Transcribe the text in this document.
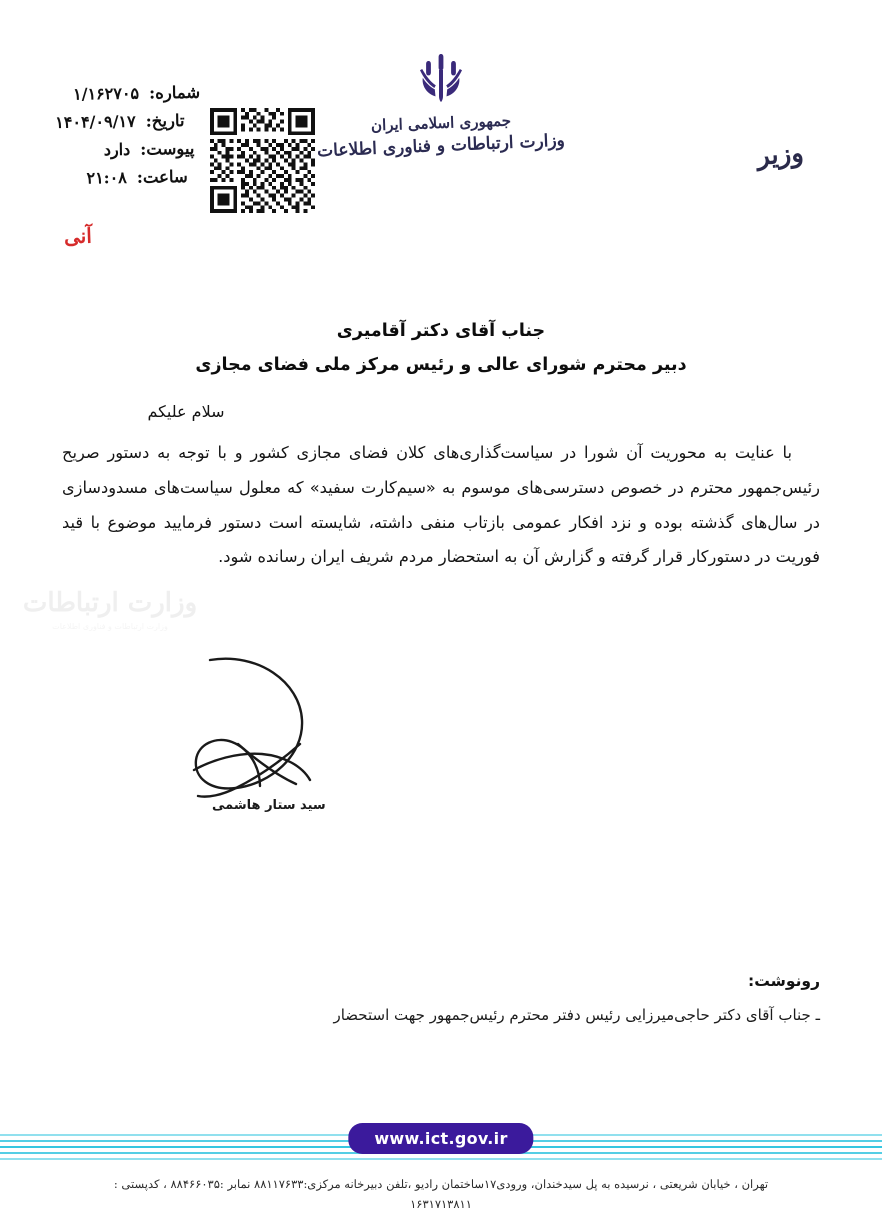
شماره:
۱/۱۶۲۷۰۵
تاریخ:
۱۴۰۴/۰۹/۱۷
پیوست:
دارد
ساعت:
۲۱:۰۸
جمهوری اسلامی ایران
وزارت ارتباطات و فناوری اطلاعات	وزیر
آنی
جناب آقای دکتر آقامیری
دبیر محترم شورای عالی و رئیس مرکز ملی فضای مجازی
سلام علیکم
با عنایت به محوریت آن شورا در سیاست‌گذاری‌های کلان فضای مجازی کشور و با توجه به دستور صریح رئیس‌جمهور محترم در خصوص دسترسی‌های موسوم به «سیم‌کارت سفید» که معلول سیاست‌های مسدودسازی در سال‌های گذشته بوده و نزد افکار عمومی بازتاب منفی داشته، شایسته است دستور فرمایید موضوع با قید فوریت در دستورکار قرار گرفته و گزارش آن به استحضار مردم شریف ایران رسانده شود.
وزارت ارتباطات
وزارت ارتباطات و فناوری اطلاعات
سید ستار هاشمی
رونوشت:
ـ جناب آقای دکتر حاجی‌میرزایی رئیس دفتر محترم رئیس‌جمهور جهت استحضار
www.ict.gov.ir
تهران ، خیابان شریعتی ، نرسیده به پل سیدخندان، ورودی۱۷ساختمان رادیو ،تلفن دبیرخانه مرکزی:۸۸۱۱۷۶۳۳ نمابر :۸۸۴۶۶۰۳۵ ، کدپستی :
۱۶۳۱۷۱۳۸۱۱
